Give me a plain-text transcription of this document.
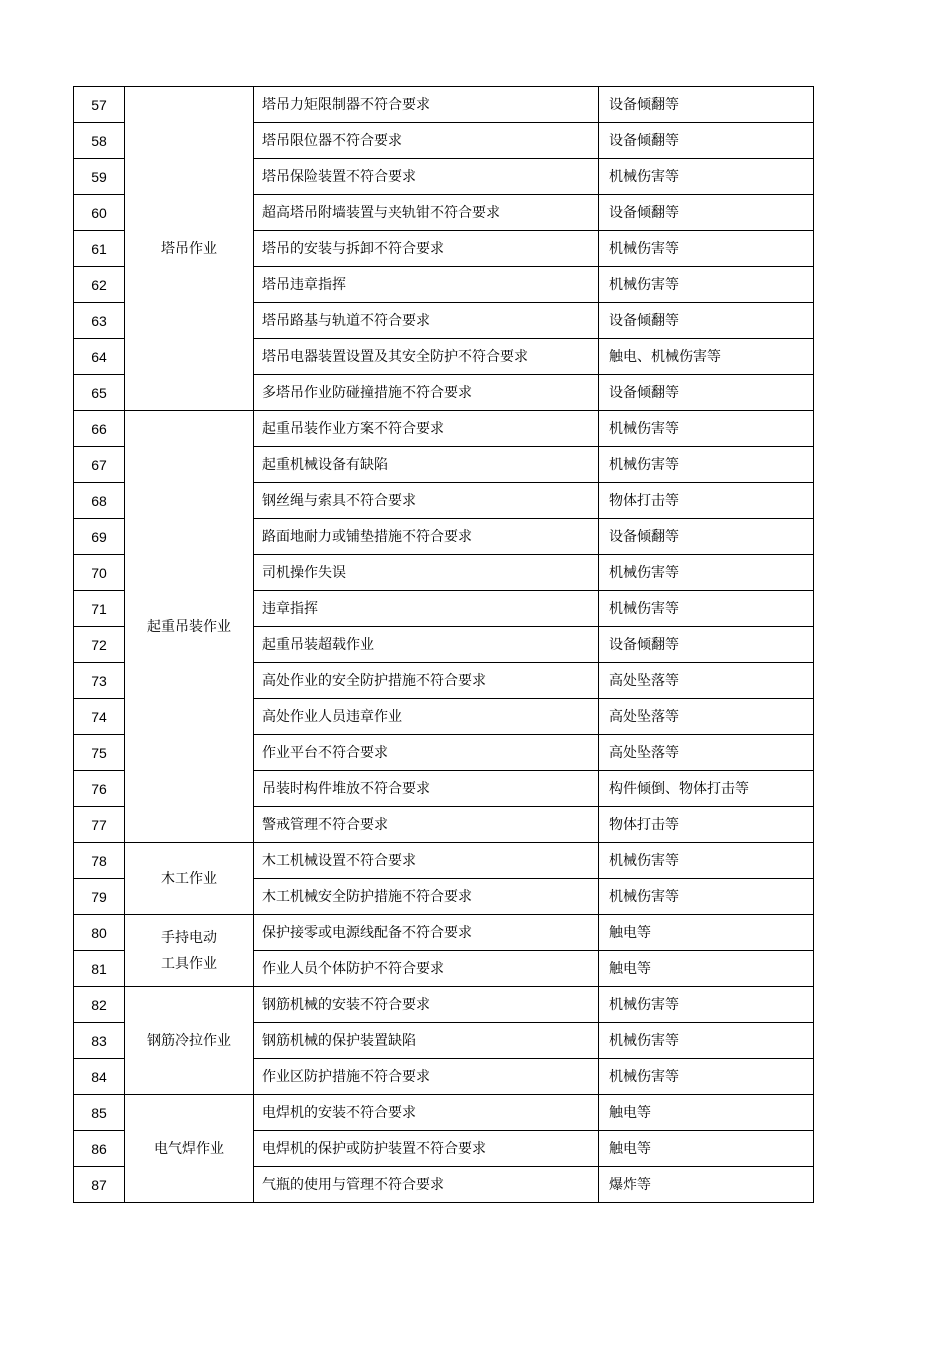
57	塔吊作业	塔吊力矩限制器不符合要求	设备倾翻等
58		塔吊限位器不符合要求	设备倾翻等
59		塔吊保险装置不符合要求	机械伤害等
60		超高塔吊附墙装置与夹轨钳不符合要求	设备倾翻等
61		塔吊的安装与拆卸不符合要求	机械伤害等
62		塔吊违章指挥	机械伤害等
63		塔吊路基与轨道不符合要求	设备倾翻等
64		塔吊电器装置设置及其安全防护不符合要求	触电、机械伤害等
65		多塔吊作业防碰撞措施不符合要求	设备倾翻等
66	起重吊装作业	起重吊装作业方案不符合要求	机械伤害等
67		起重机械设备有缺陷	机械伤害等
68		钢丝绳与索具不符合要求	物体打击等
69		路面地耐力或铺垫措施不符合要求	设备倾翻等
70		司机操作失误	机械伤害等
71		违章指挥	机械伤害等
72		起重吊装超载作业	设备倾翻等
73		高处作业的安全防护措施不符合要求	高处坠落等
74		高处作业人员违章作业	高处坠落等
75		作业平台不符合要求	高处坠落等
76		吊装时构件堆放不符合要求	构件倾倒、物体打击等
77		警戒管理不符合要求	物体打击等
78	木工作业	木工机械设置不符合要求	机械伤害等
79		木工机械安全防护措施不符合要求	机械伤害等
80	手持电动
工具作业	保护接零或电源线配备不符合要求	触电等
81		作业人员个体防护不符合要求	触电等
82	钢筋冷拉作业	钢筋机械的安装不符合要求	机械伤害等
83		钢筋机械的保护装置缺陷	机械伤害等
84		作业区防护措施不符合要求	机械伤害等
85	电气焊作业	电焊机的安装不符合要求	触电等
86		电焊机的保护或防护装置不符合要求	触电等
87		气瓶的使用与管理不符合要求	爆炸等
